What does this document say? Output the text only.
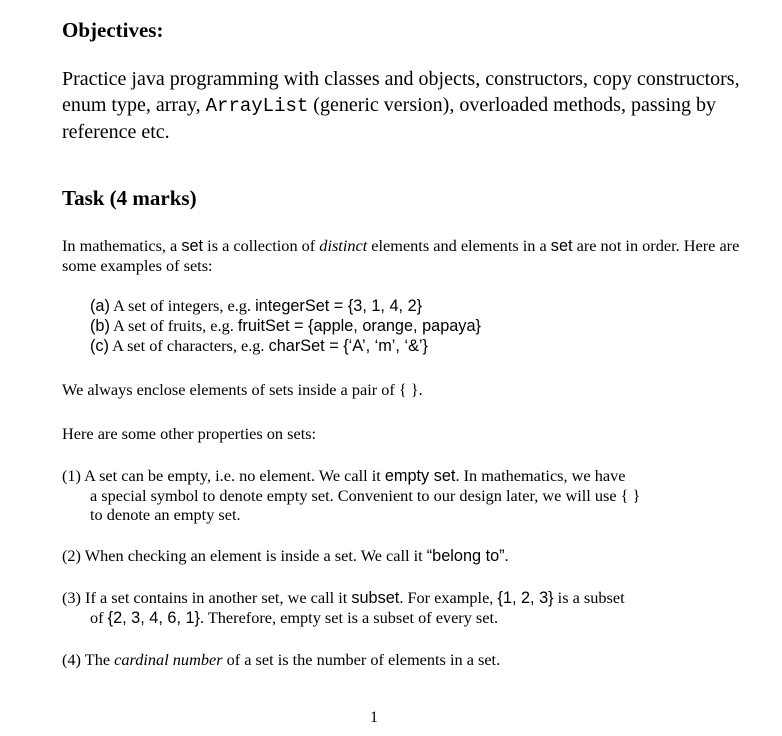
Objectives:

Practice java programming with classes and objects, constructors, copy constructors, enum type, array, ArrayList (generic version), overloaded methods, passing by reference etc.

Task (4 marks)

In mathematics, a set is a collection of distinct elements and elements in a set are not in order. Here are some examples of sets:

(a) A set of integers, e.g. integerSet = {3, 1, 4, 2}
(b) A set of fruits, e.g. fruitSet = {apple, orange, papaya}
(c) A set of characters, e.g. charSet = {‘A’, ‘m’, ‘&’}

We always enclose elements of sets inside a pair of { }.

Here are some other properties on sets:

(1) A set can be empty, i.e. no element. We call it empty set. In mathematics, we have
a special symbol to denote empty set. Convenient to our design later, we will use { }
to denote an empty set.
(2) When checking an element is inside a set. We call it “belong to”.
(3) If a set contains in another set, we call it subset. For example, {1, 2, 3} is a subset
of {2, 3, 4, 6, 1}. Therefore, empty set is a subset of every set.
(4) The cardinal number of a set is the number of elements in a set.
1
